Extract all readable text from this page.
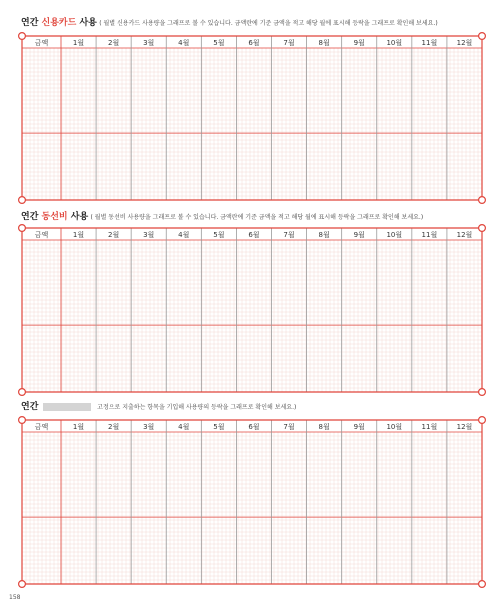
연간 신용카드 사용 ( 월별 신용카드 사용량을 그래프로 볼 수 있습니다. 금액란에 기준 금액을 적고 해당 월에 표시해 등락을 그래프로 확인해 보세요.)
금액	1월	2월	3월	4월	5월	6월	7월	8월	9월	10월	11월	12월
연간 동선비 사용 ( 월별 동선비 사용량을 그래프로 볼 수 있습니다. 금액란에 기준 금액을 적고 해당 월에 표시해 등락을 그래프로 확인해 보세요.)
금액	1월	2월	3월	4월	5월	6월	7월	8월	9월	10월	11월	12월
연간	고정으로 지출하는 항목을 기입해 사용량의 등락을 그래프로 확인해 보세요.)
금액	1월	2월	3월	4월	5월	6월	7월	8월	9월	10월	11월	12월
158
